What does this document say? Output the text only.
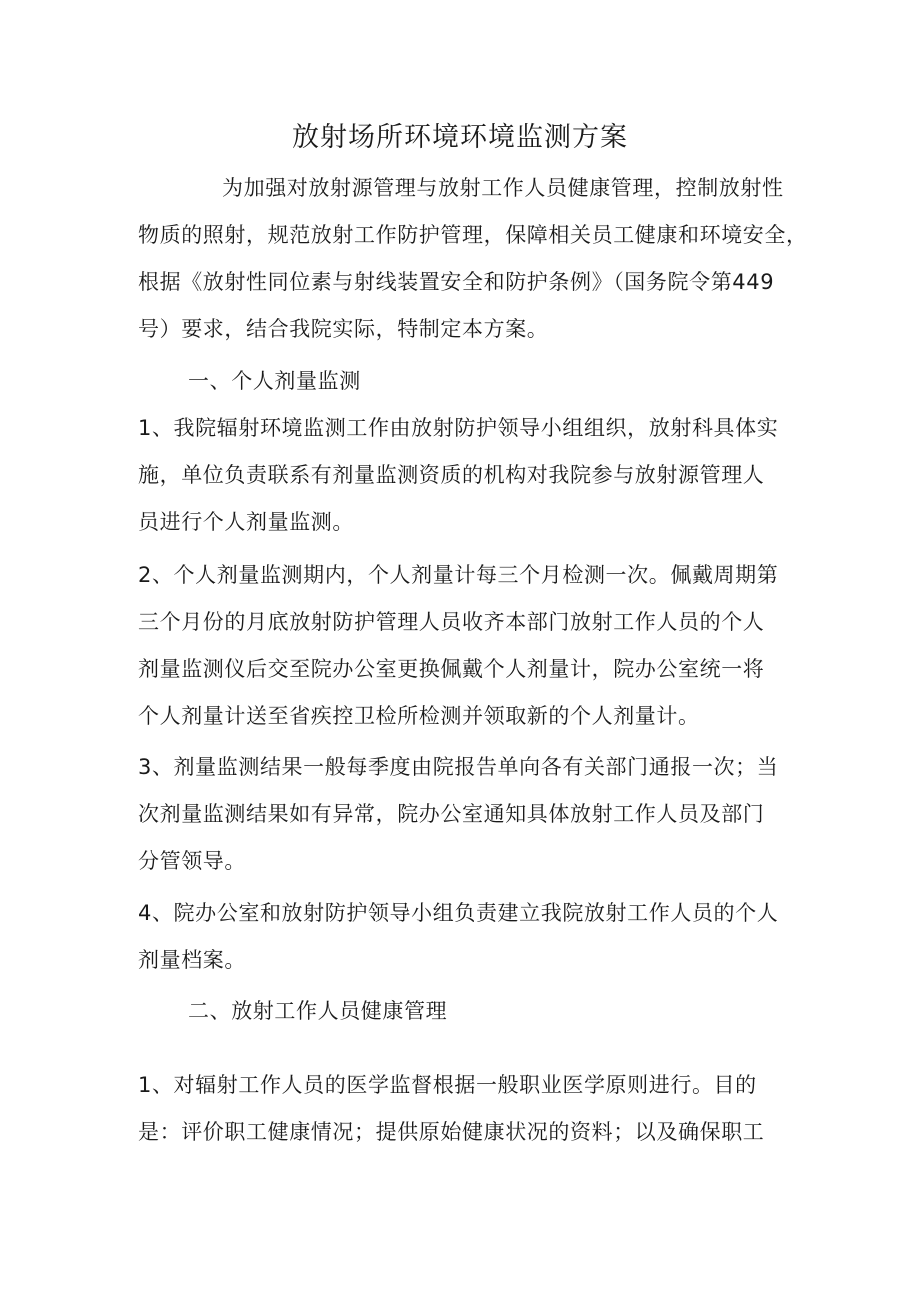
放射场所环境环境监测方案
为加强对放射源管理与放射工作人员健康管理，控制放射性
物质的照射，规范放射工作防护管理，保障相关员工健康和环境安全，
根据《放射性同位素与射线装置安全和防护条例》（国务院令第449
号）要求，结合我院实际，特制定本方案。
一、个人剂量监测
1、我院辐射环境监测工作由放射防护领导小组组织，放射科具体实
施，单位负责联系有剂量监测资质的机构对我院参与放射源管理人
员进行个人剂量监测。
2、个人剂量监测期内，个人剂量计每三个月检测一次。佩戴周期第
三个月份的月底放射防护管理人员收齐本部门放射工作人员的个人
剂量监测仪后交至院办公室更换佩戴个人剂量计，院办公室统一将
个人剂量计送至省疾控卫检所检测并领取新的个人剂量计。
3、剂量监测结果一般每季度由院报告单向各有关部门通报一次；当
次剂量监测结果如有异常，院办公室通知具体放射工作人员及部门
分管领导。
4、院办公室和放射防护领导小组负责建立我院放射工作人员的个人
剂量档案。
二、放射工作人员健康管理
1、对辐射工作人员的医学监督根据一般职业医学原则进行。目的
是：评价职工健康情况；提供原始健康状况的资料；以及确保职工
